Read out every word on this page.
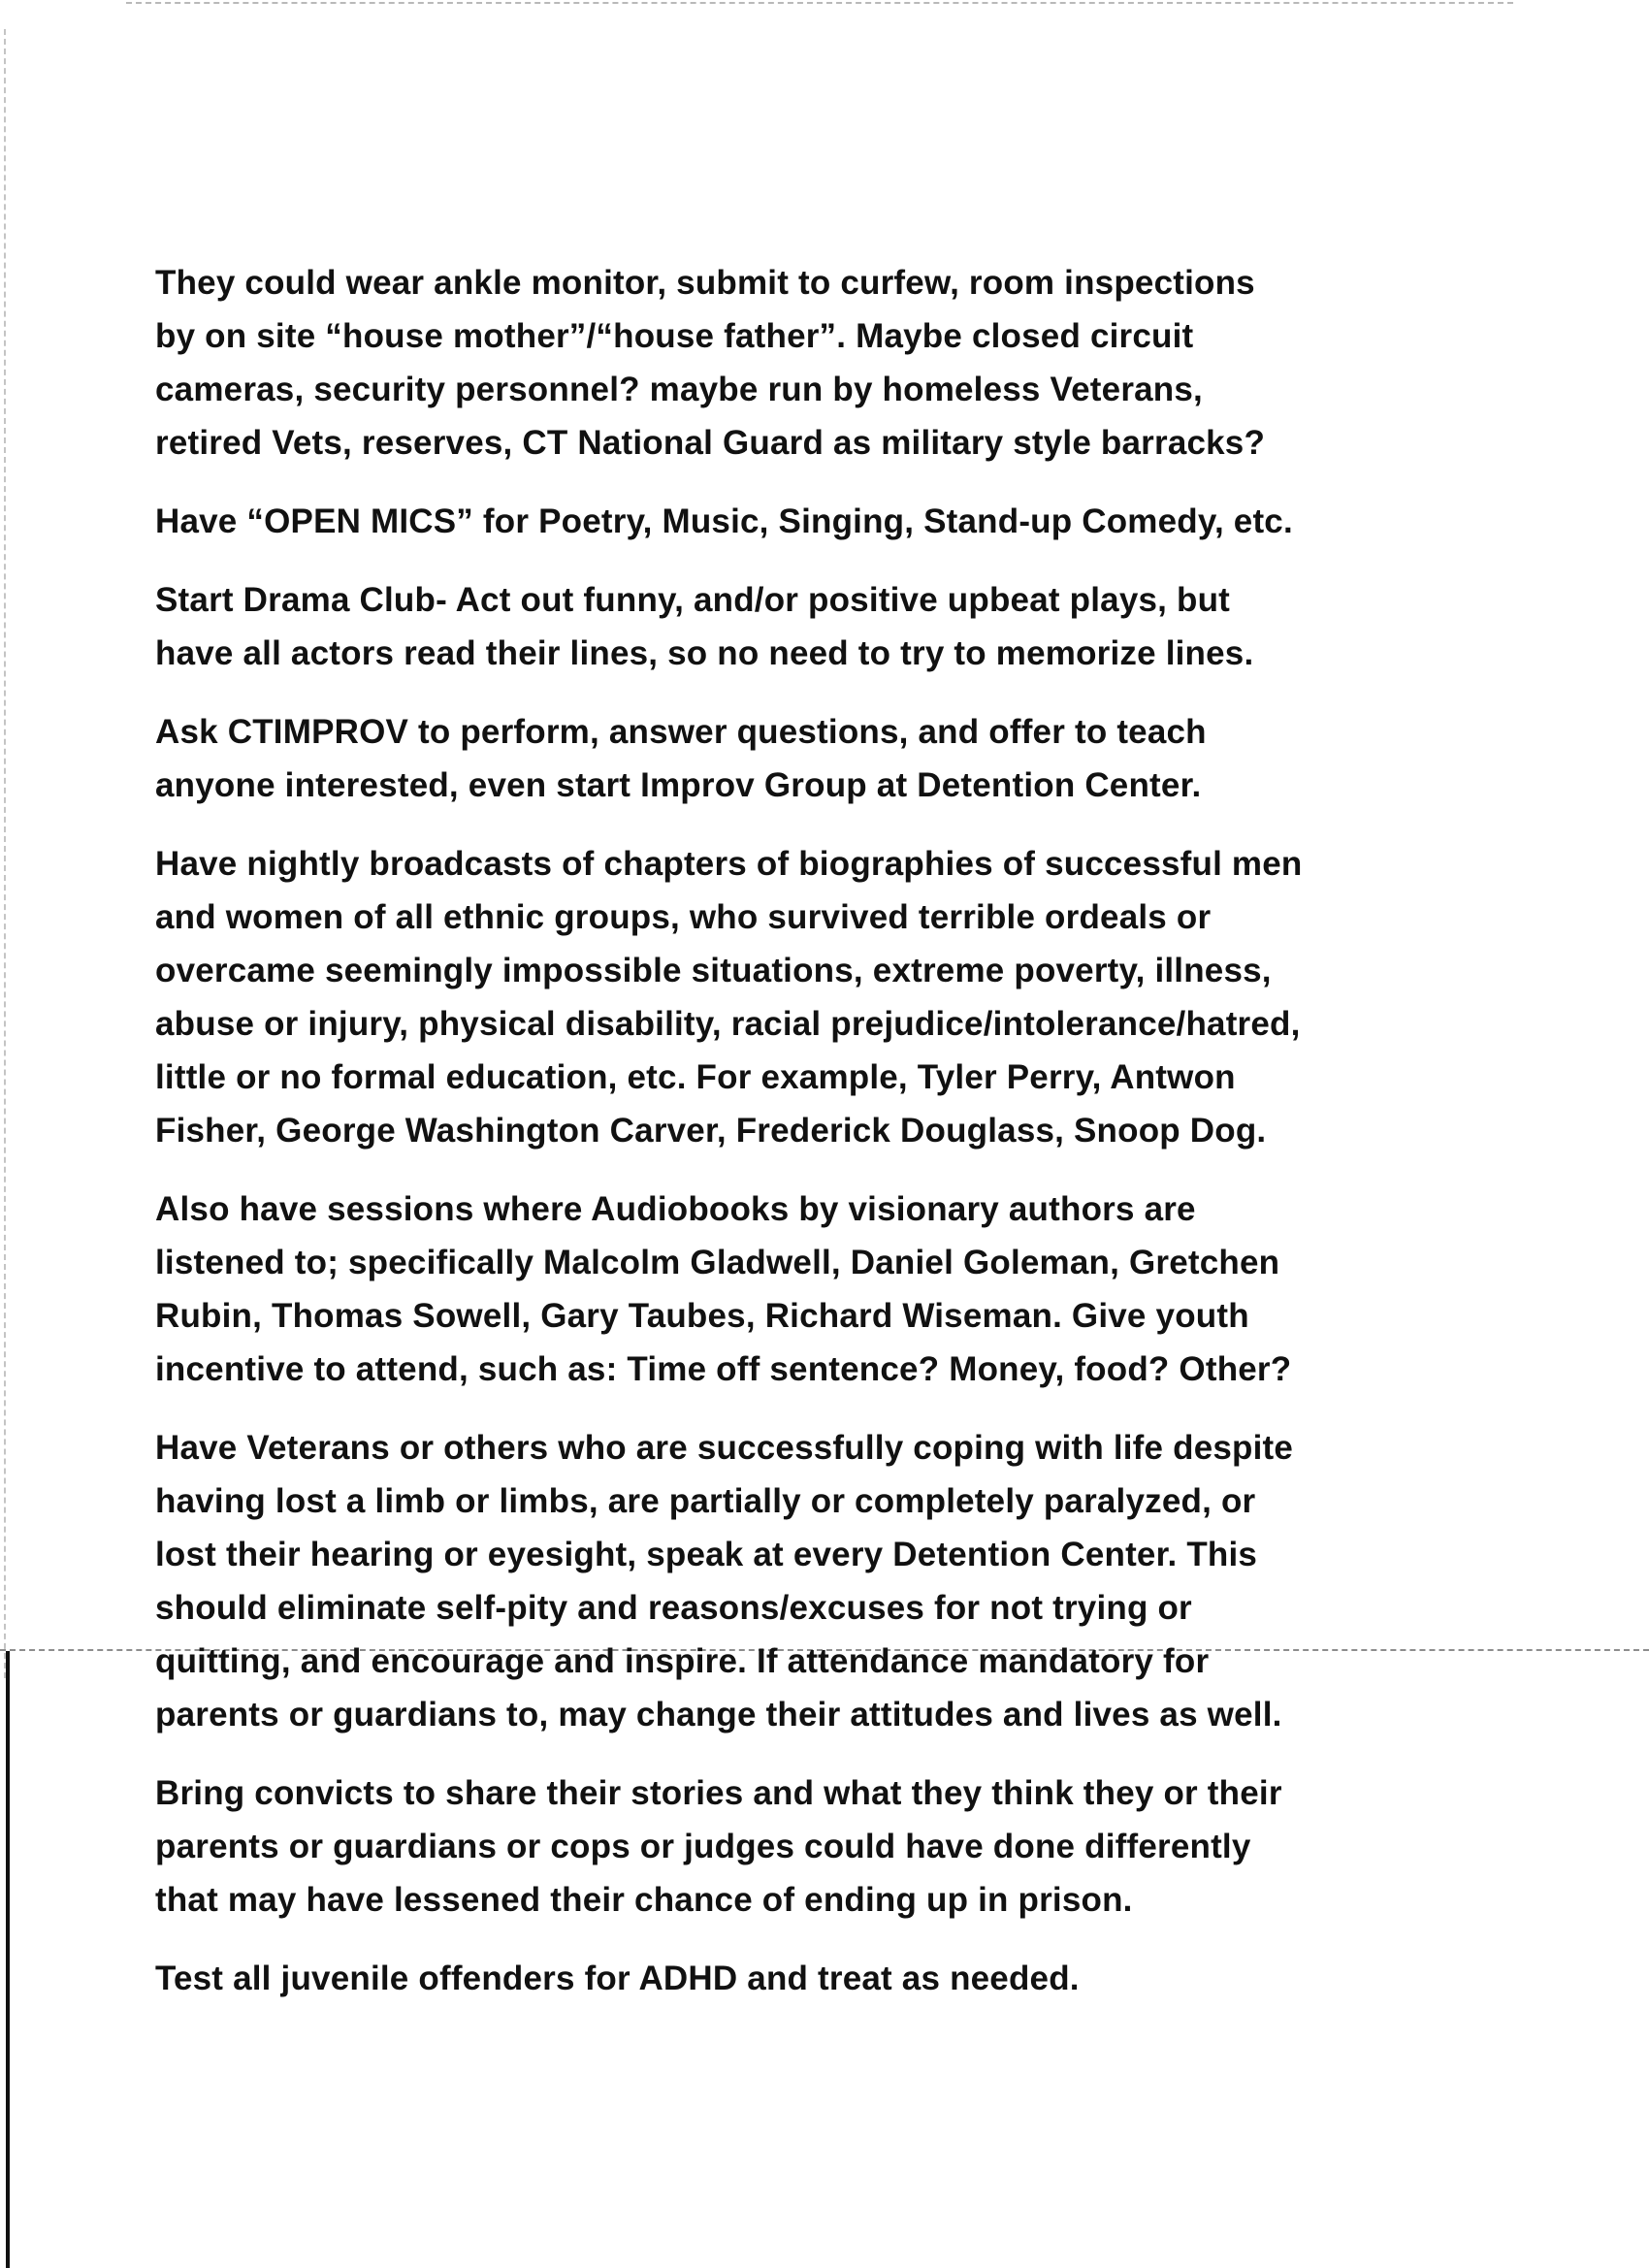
They could wear ankle monitor, submit to curfew, room inspections
by on site “house mother”/“house father”. Maybe closed circuit
cameras, security personnel? maybe run by homeless Veterans,
retired Vets, reserves, CT National Guard as military style barracks?

Have “OPEN MICS” for Poetry, Music, Singing, Stand-up Comedy, etc.

Start Drama Club- Act out funny, and/or positive upbeat plays, but
have all actors read their lines, so no need to try to memorize lines.

Ask CTIMPROV to perform, answer questions, and offer to teach
anyone interested, even start Improv Group at Detention Center.

Have nightly broadcasts of chapters of biographies of successful men
and women of all ethnic groups, who survived terrible ordeals or
overcame seemingly impossible situations, extreme poverty, illness,
abuse or injury, physical disability, racial prejudice/intolerance/hatred,
little or no formal education, etc. For example, Tyler Perry, Antwon
Fisher, George Washington Carver, Frederick Douglass, Snoop Dog.

Also have sessions where Audiobooks by visionary authors are
listened to; specifically Malcolm Gladwell, Daniel Goleman, Gretchen
Rubin, Thomas Sowell, Gary Taubes, Richard Wiseman. Give youth
incentive to attend, such as: Time off sentence? Money, food? Other?

Have Veterans or others who are successfully coping with life despite
having lost a limb or limbs, are partially or completely paralyzed, or
lost their hearing or eyesight, speak at every Detention Center. This
should eliminate self-pity and reasons/excuses for not trying or
quitting, and encourage and inspire. If attendance mandatory for
parents or guardians to, may change their attitudes and lives as well.

Bring convicts to share their stories and what they think they or their
parents or guardians or cops or judges could have done differently
that may have lessened their chance of ending up in prison.

Test all juvenile offenders for ADHD and treat as needed.
